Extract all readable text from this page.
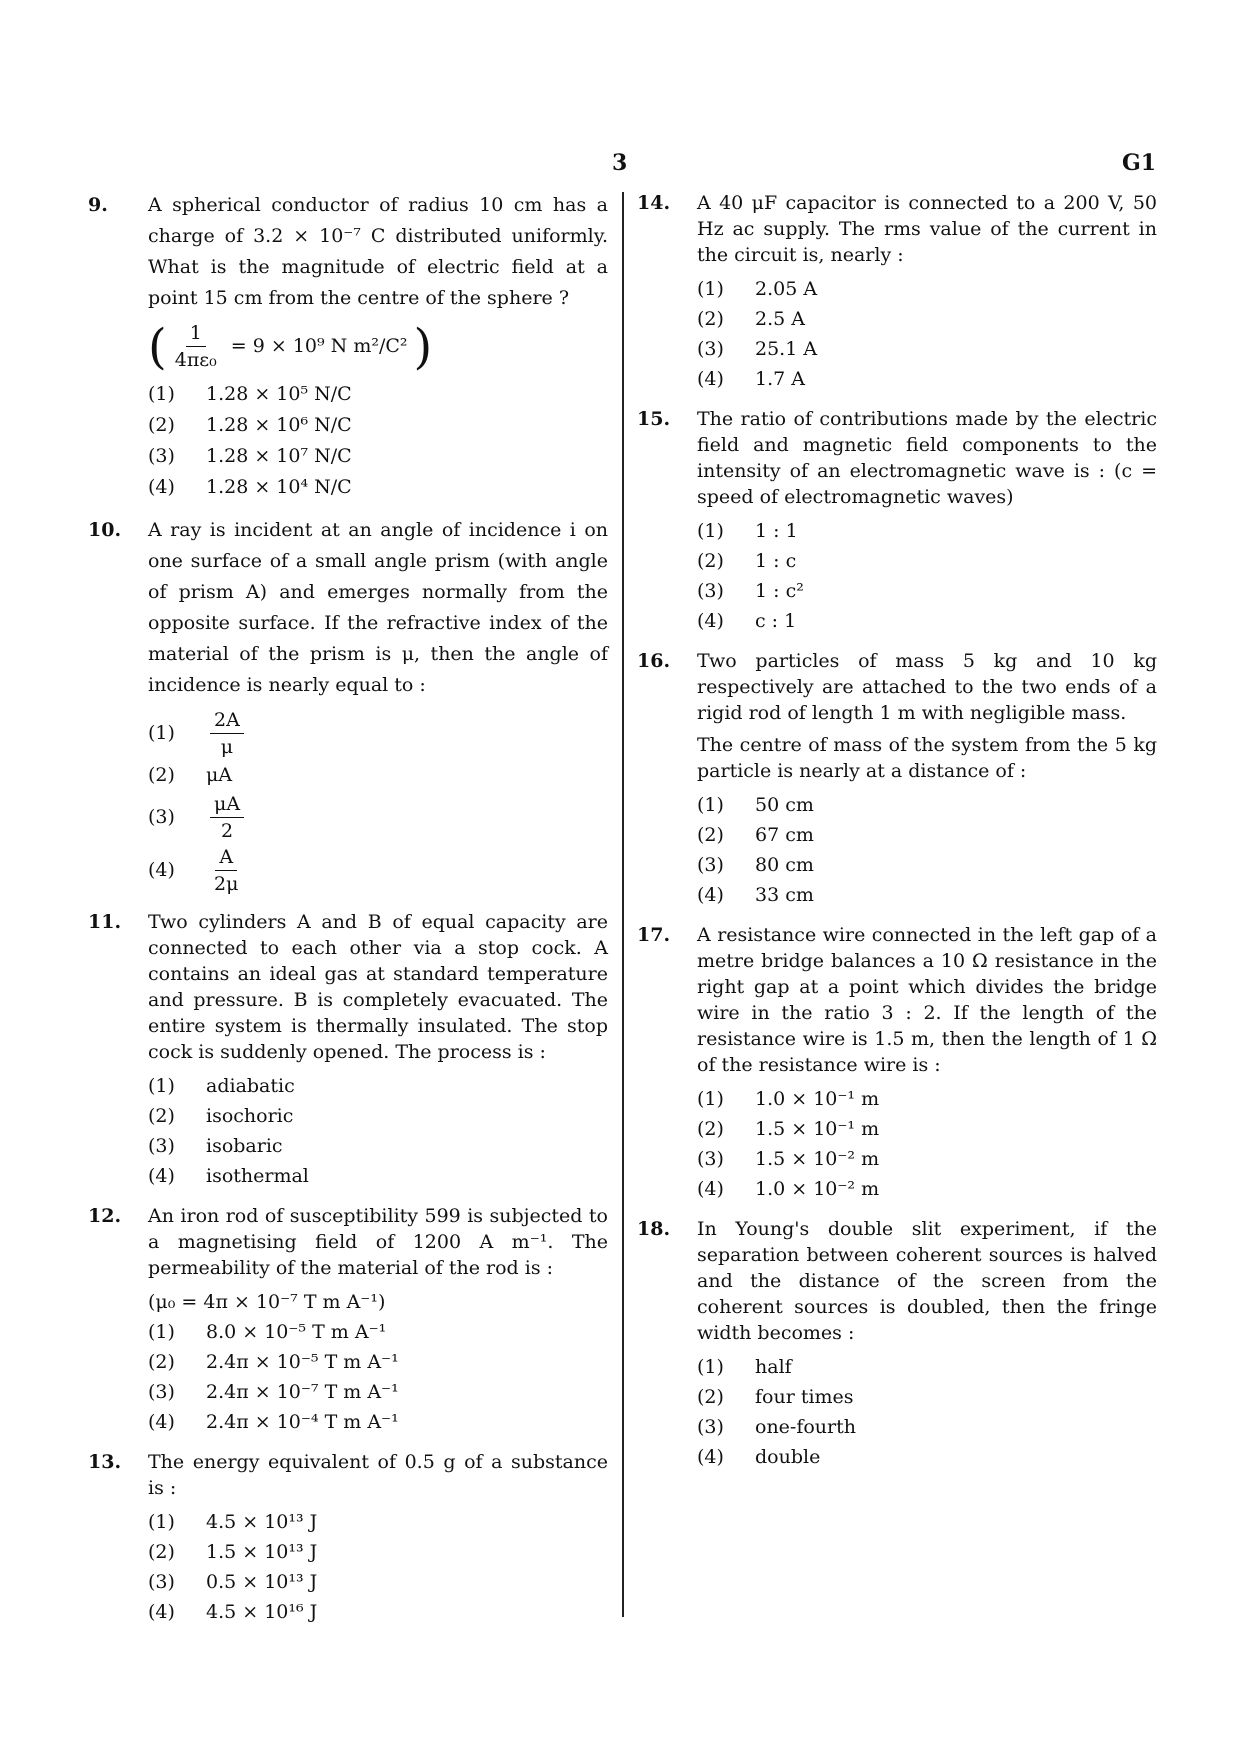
3	G1
9. A spherical conductor of radius 10 cm has a charge of 3.2 × 10⁻⁷ C distributed uniformly. What is the magnitude of electric field at a point 15 cm from the centre of the sphere ?

( $\frac{1}{\text{4πε₀}} = 9 \times 10^9$ N m²/C² )
(1)	1.28 × 10⁵ N/C
(2)	1.28 × 10⁶ N/C
(3)	1.28 × 10⁷ N/C
(4)	1.28 × 10⁴ N/C
10. A ray is incident at an angle of incidence i on one surface of a small angle prism (with angle of prism A) and emerges normally from the opposite surface. If the refractive index of the material of the prism is μ, then the angle of incidence is nearly equal to :

(1)	$\frac{2A}{\mu}$
(2)	μA
(3)	$\frac{\mu A}{2}$
(4)	$\frac{A}{2\mu}$
11. Two cylinders A and B of equal capacity are connected to each other via a stop cock. A contains an ideal gas at standard temperature and pressure. B is completely evacuated. The entire system is thermally insulated. The stop cock is suddenly opened. The process is :

(1)	adiabatic
(2)	isochoric
(3)	isobaric
(4)	isothermal
12. An iron rod of susceptibility 599 is subjected to a magnetising field of 1200 A m⁻¹. The permeability of the material of the rod is :

(μ₀ = 4π × 10⁻⁷ T m A⁻¹)
(1)	8.0 × 10⁻⁵ T m A⁻¹
(2)	2.4π × 10⁻⁵ T m A⁻¹
(3)	2.4π × 10⁻⁷ T m A⁻¹
(4)	2.4π × 10⁻⁴ T m A⁻¹
13. The energy equivalent of 0.5 g of a substance is :

(1)	4.5 × 10¹³ J
(2)	1.5 × 10¹³ J
(3)	0.5 × 10¹³ J
(4)	4.5 × 10¹⁶ J
14. A 40 μF capacitor is connected to a 200 V, 50 Hz ac supply. The rms value of the current in the circuit is, nearly :

(1)	2.05 A
(2)	2.5 A
(3)	25.1 A
(4)	1.7 A
15. The ratio of contributions made by the electric field and magnetic field components to the intensity of an electromagnetic wave is : (c = speed of electromagnetic waves)

(1)	1 : 1
(2)	1 : c
(3)	1 : c²
(4)	c : 1
16. Two particles of mass 5 kg and 10 kg respectively are attached to the two ends of a rigid rod of length 1 m with negligible mass.

The centre of mass of the system from the 5 kg particle is nearly at a distance of :

(1)	50 cm
(2)	67 cm
(3)	80 cm
(4)	33 cm
17. A resistance wire connected in the left gap of a metre bridge balances a 10 Ω resistance in the right gap at a point which divides the bridge wire in the ratio 3 : 2. If the length of the resistance wire is 1.5 m, then the length of 1 Ω of the resistance wire is :

(1)	1.0 × 10⁻¹ m
(2)	1.5 × 10⁻¹ m
(3)	1.5 × 10⁻² m
(4)	1.0 × 10⁻² m
18. In Young's double slit experiment, if the separation between coherent sources is halved and the distance of the screen from the coherent sources is doubled, then the fringe width becomes :

(1)	half
(2)	four times
(3)	one-fourth
(4)	double
